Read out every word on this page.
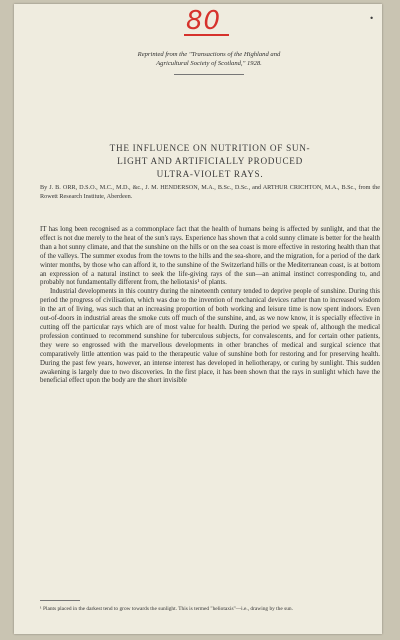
80	•
Reprinted from the "Transactions of the Highland and
Agricultural Society of Scotland," 1928.
THE INFLUENCE ON NUTRITION OF SUN-
LIGHT AND ARTIFICIALLY PRODUCED
ULTRA-VIOLET RAYS.
By J. B. ORR, D.S.O., M.C., M.D., &c., J. M. HENDERSON, M.A., B.Sc., D.Sc., and ARTHUR CRICHTON, M.A., B.Sc., from the Rowett Research Institute, Aberdeen.

IT has long been recognised as a commonplace fact that the health of humans being is affected by sunlight, and that the effect is not due merely to the heat of the sun's rays. Experience has shown that a cold sunny climate is better for the health than a hot sunny climate, and that the sunshine on the hills or on the sea coast is more effective in restoring health than that of the valleys. The summer exodus from the towns to the hills and the sea-shore, and the migration, for a period of the dark winter months, by those who can afford it, to the sunshine of the Switzerland hills or the Mediterranean coast, is at bottom an expression of a natural instinct to seek the life-giving rays of the sun—an animal instinct corresponding to, and probably not fundamentally different from, the heliotaxis¹ of plants.

Industrial developments in this country during the nineteenth century tended to deprive people of sunshine. During this period the progress of civilisation, which was due to the invention of mechanical devices rather than to increased wisdom in the art of living, was such that an increasing proportion of both working and leisure time is now spent indoors. Even out-of-doors in industrial areas the smoke cuts off much of the sunshine, and, as we now know, it is specially effective in cutting off the particular rays which are of most value for health. During the period we speak of, although the medical profession continued to recommend sunshine for tuberculous subjects, for convalescents, and for certain other patients, they were so engrossed with the marvellous developments in other branches of medical and surgical science that comparatively little attention was paid to the therapeutic value of sunshine both for restoring and for preserving health. During the past few years, however, an intense interest has developed in heliotherapy, or curing by sunlight. This sudden awakening is largely due to two discoveries. In the first place, it has been shown that the rays in sunlight which have the beneficial effect upon the body are the short invisible

¹ Plants placed in the darkest tend to grow towards the sunlight. This is termed "heliotaxis"—i.e., drawing by the sun.
